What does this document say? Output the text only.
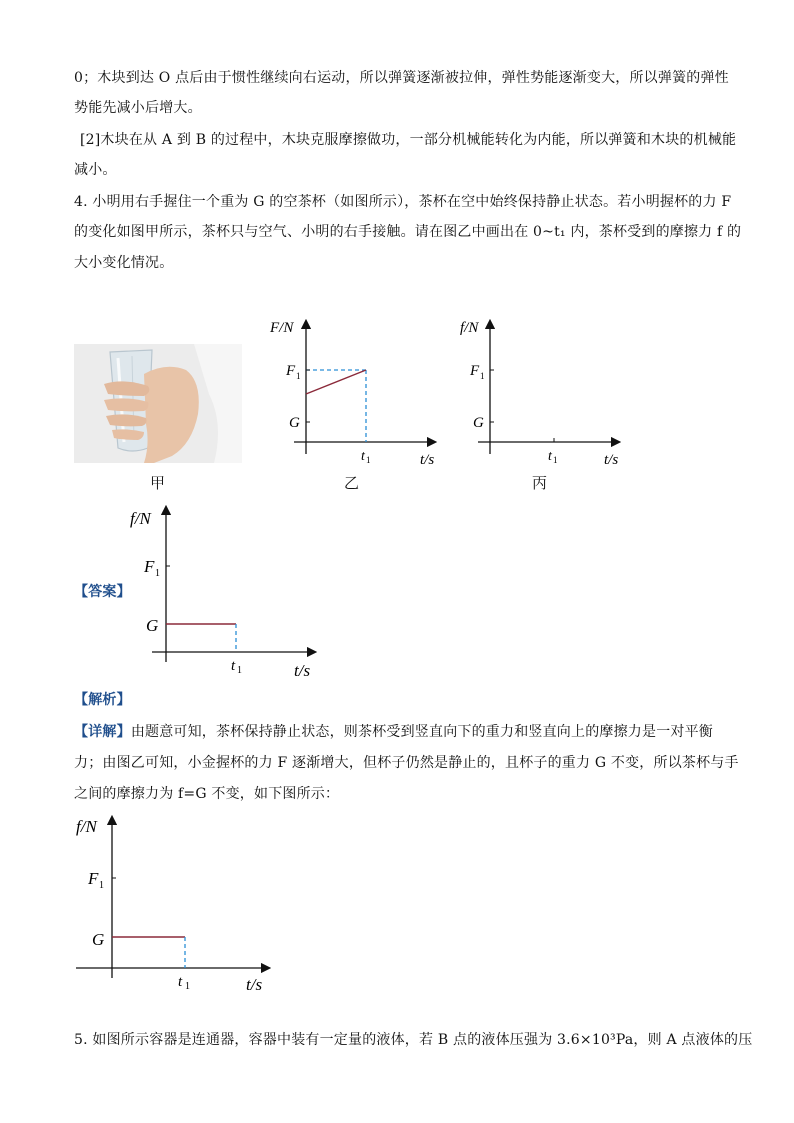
0；木块到达 O 点后由于惯性继续向右运动，所以弹簧逐渐被拉伸，弹性势能逐渐变大，所以弹簧的弹性
势能先减小后增大。
[2]木块在从 A 到 B 的过程中，木块克服摩擦做功，一部分机械能转化为内能，所以弹簧和木块的机械能
减小。
4. 小明用右手握住一个重为 G 的空茶杯（如图所示），茶杯在空中始终保持静止状态。若小明握杯的力 F
的变化如图甲所示，茶杯只与空气、小明的右手接触。请在图乙中画出在 0~t₁ 内，茶杯受到的摩擦力 f 的
大小变化情况。
F/N
t/s
F 1
G
t 1
f/N
t/s
F 1
G
t 1
甲	乙	丙
【答案】
f/N
t/s
F 1
G
t 1
【解析】
【详解】由题意可知，茶杯保持静止状态，则茶杯受到竖直向下的重力和竖直向上的摩擦力是一对平衡
力；由图乙可知，小金握杯的力 F 逐渐增大，但杯子仍然是静止的，且杯子的重力 G 不变，所以茶杯与手
之间的摩擦力为 f=G 不变，如下图所示：
f/N
t/s
F 1
G
t 1
5. 如图所示容器是连通器，容器中装有一定量的液体，若 B 点的液体压强为 3.6×10³Pa，则 A 点液体的压
